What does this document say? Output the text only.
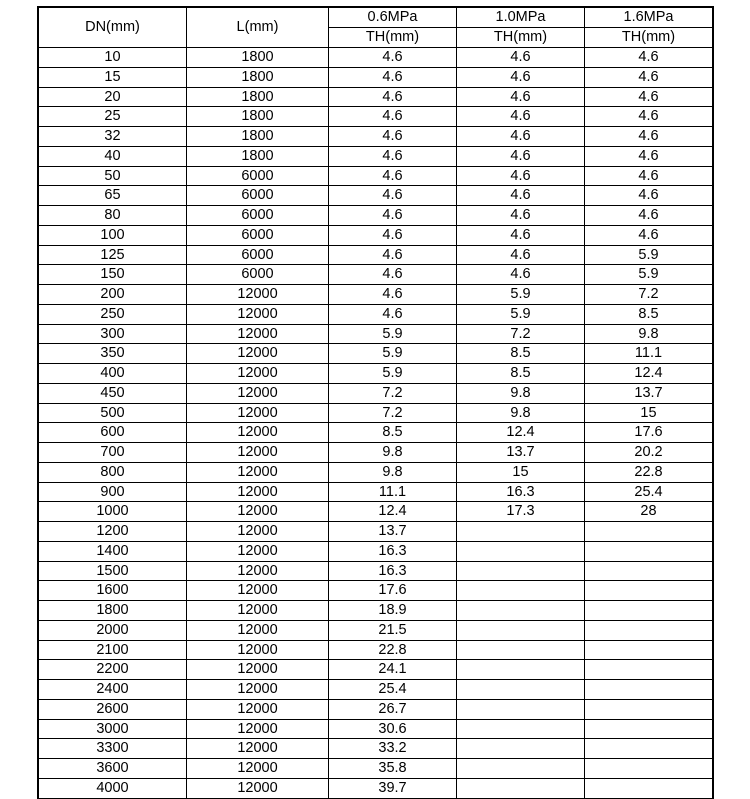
DN(mm)	L(mm)	0.6MPa	1.0MPa	1.6MPa
		TH(mm)	TH(mm)	TH(mm)
10	1800	4.6	4.6	4.6
15	1800	4.6	4.6	4.6
20	1800	4.6	4.6	4.6
25	1800	4.6	4.6	4.6
32	1800	4.6	4.6	4.6
40	1800	4.6	4.6	4.6
50	6000	4.6	4.6	4.6
65	6000	4.6	4.6	4.6
80	6000	4.6	4.6	4.6
100	6000	4.6	4.6	4.6
125	6000	4.6	4.6	5.9
150	6000	4.6	4.6	5.9
200	12000	4.6	5.9	7.2
250	12000	4.6	5.9	8.5
300	12000	5.9	7.2	9.8
350	12000	5.9	8.5	11.1
400	12000	5.9	8.5	12.4
450	12000	7.2	9.8	13.7
500	12000	7.2	9.8	15
600	12000	8.5	12.4	17.6
700	12000	9.8	13.7	20.2
800	12000	9.8	15	22.8
900	12000	11.1	16.3	25.4
1000	12000	12.4	17.3	28
1200	12000	13.7		
1400	12000	16.3		
1500	12000	16.3		
1600	12000	17.6		
1800	12000	18.9		
2000	12000	21.5		
2100	12000	22.8		
2200	12000	24.1		
2400	12000	25.4		
2600	12000	26.7		
3000	12000	30.6		
3300	12000	33.2		
3600	12000	35.8		
4000	12000	39.7		
